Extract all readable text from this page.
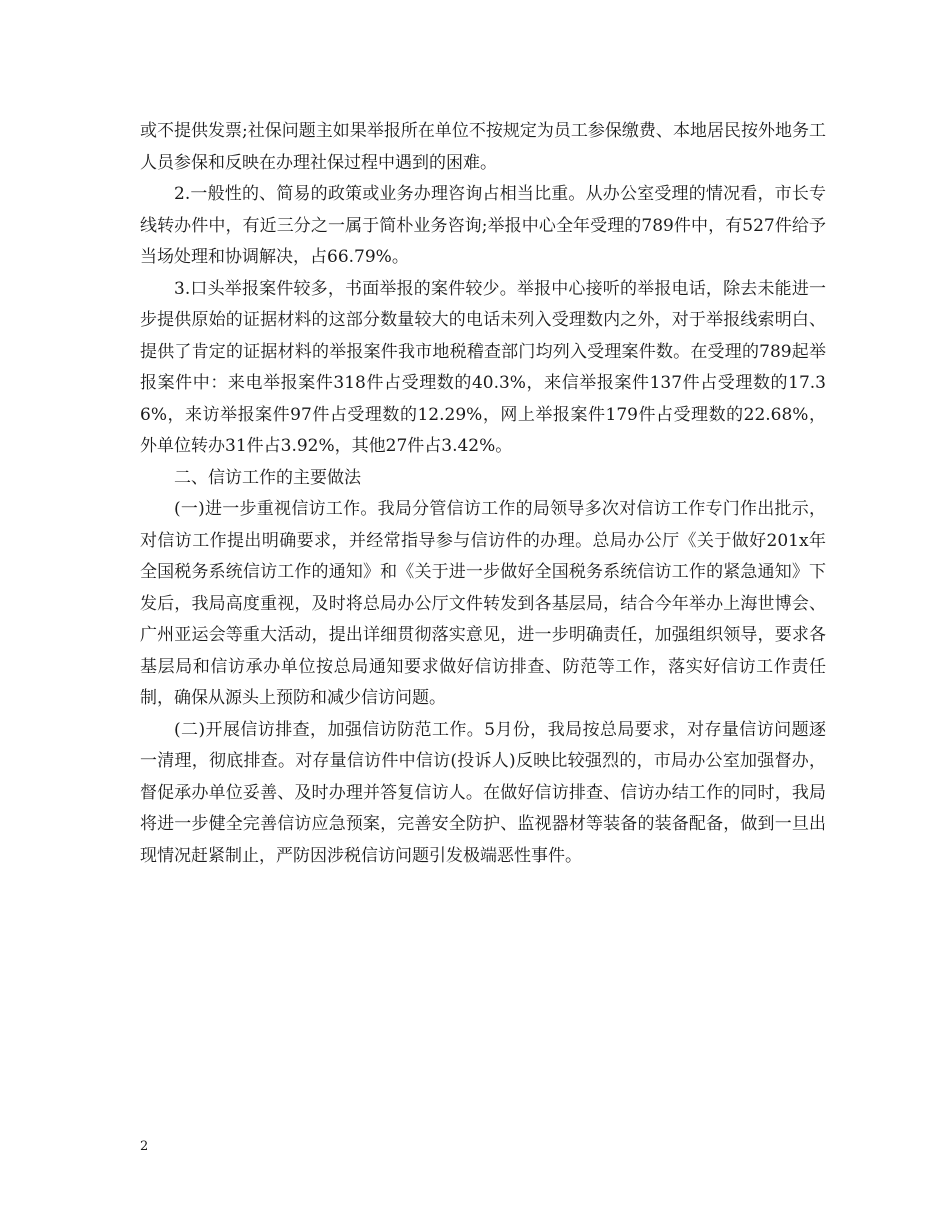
或不提供发票;社保问题主如果举报所在单位不按规定为员工参保缴费、本地居民按外地务工人员参保和反映在办理社保过程中遇到的困难。

2.一般性的、简易的政策或业务办理咨询占相当比重。从办公室受理的情况看，市长专线转办件中，有近三分之一属于简朴业务咨询;举报中心全年受理的789件中，有527件给予当场处理和协调解决，占66.79%。

3.口头举报案件较多，书面举报的案件较少。举报中心接听的举报电话，除去未能进一步提供原始的证据材料的这部分数量较大的电话未列入受理数内之外，对于举报线索明白、提供了肯定的证据材料的举报案件我市地税稽查部门均列入受理案件数。在受理的789起举报案件中：来电举报案件318件占受理数的40.3%，来信举报案件137件占受理数的17.36%，来访举报案件97件占受理数的12.29%，网上举报案件179件占受理数的22.68%，外单位转办31件占3.92%，其他27件占3.42%。

二、信访工作的主要做法

(一)进一步重视信访工作。我局分管信访工作的局领导多次对信访工作专门作出批示，对信访工作提出明确要求，并经常指导参与信访件的办理。总局办公厅《关于做好201x年全国税务系统信访工作的通知》和《关于进一步做好全国税务系统信访工作的紧急通知》下发后，我局高度重视，及时将总局办公厅文件转发到各基层局，结合今年举办上海世博会、广州亚运会等重大活动，提出详细贯彻落实意见，进一步明确责任，加强组织领导，要求各基层局和信访承办单位按总局通知要求做好信访排查、防范等工作，落实好信访工作责任制，确保从源头上预防和减少信访问题。

(二)开展信访排查，加强信访防范工作。5月份，我局按总局要求，对存量信访问题逐一清理，彻底排查。对存量信访件中信访(投诉人)反映比较强烈的，市局办公室加强督办，督促承办单位妥善、及时办理并答复信访人。在做好信访排查、信访办结工作的同时，我局将进一步健全完善信访应急预案，完善安全防护、监视器材等装备的装备配备，做到一旦出现情况赶紧制止，严防因涉税信访问题引发极端恶性事件。

2
